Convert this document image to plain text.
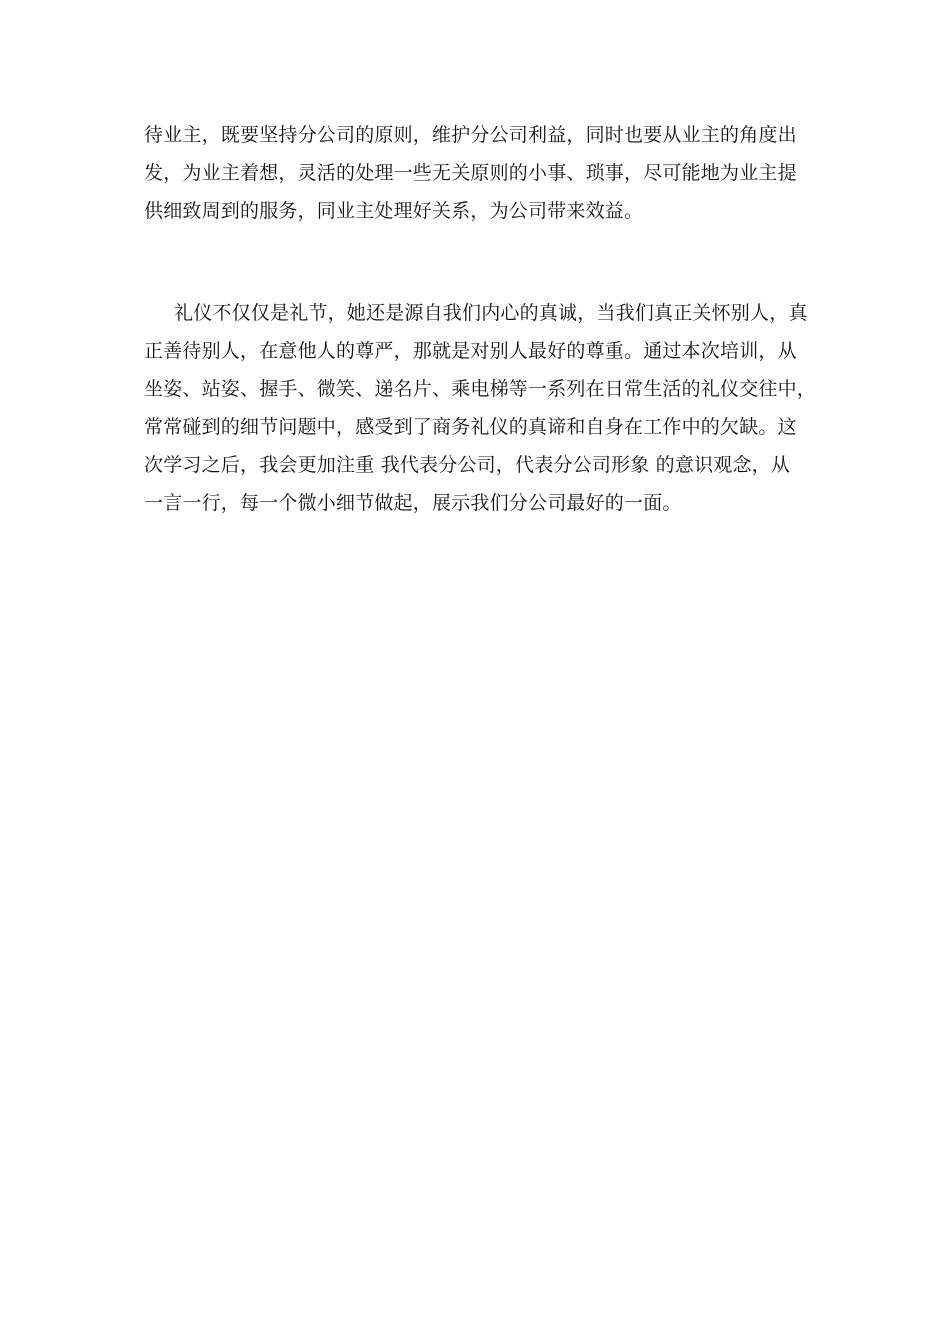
待业主，既要坚持分公司的原则，维护分公司利益，同时也要从业主的角度出
发，为业主着想，灵活的处理一些无关原则的小事、琐事，尽可能地为业主提
供细致周到的服务，同业主处理好关系，为公司带来效益。
礼仪不仅仅是礼节，她还是源自我们内心的真诚，当我们真正关怀别人，真
正善待别人，在意他人的尊严，那就是对别人最好的尊重。通过本次培训，从
坐姿、站姿、握手、微笑、递名片、乘电梯等一系列在日常生活的礼仪交往中，
常常碰到的细节问题中，感受到了商务礼仪的真谛和自身在工作中的欠缺。这
次学习之后，我会更加注重 我代表分公司，代表分公司形象 的意识观念，从
一言一行，每一个微小细节做起，展示我们分公司最好的一面。
